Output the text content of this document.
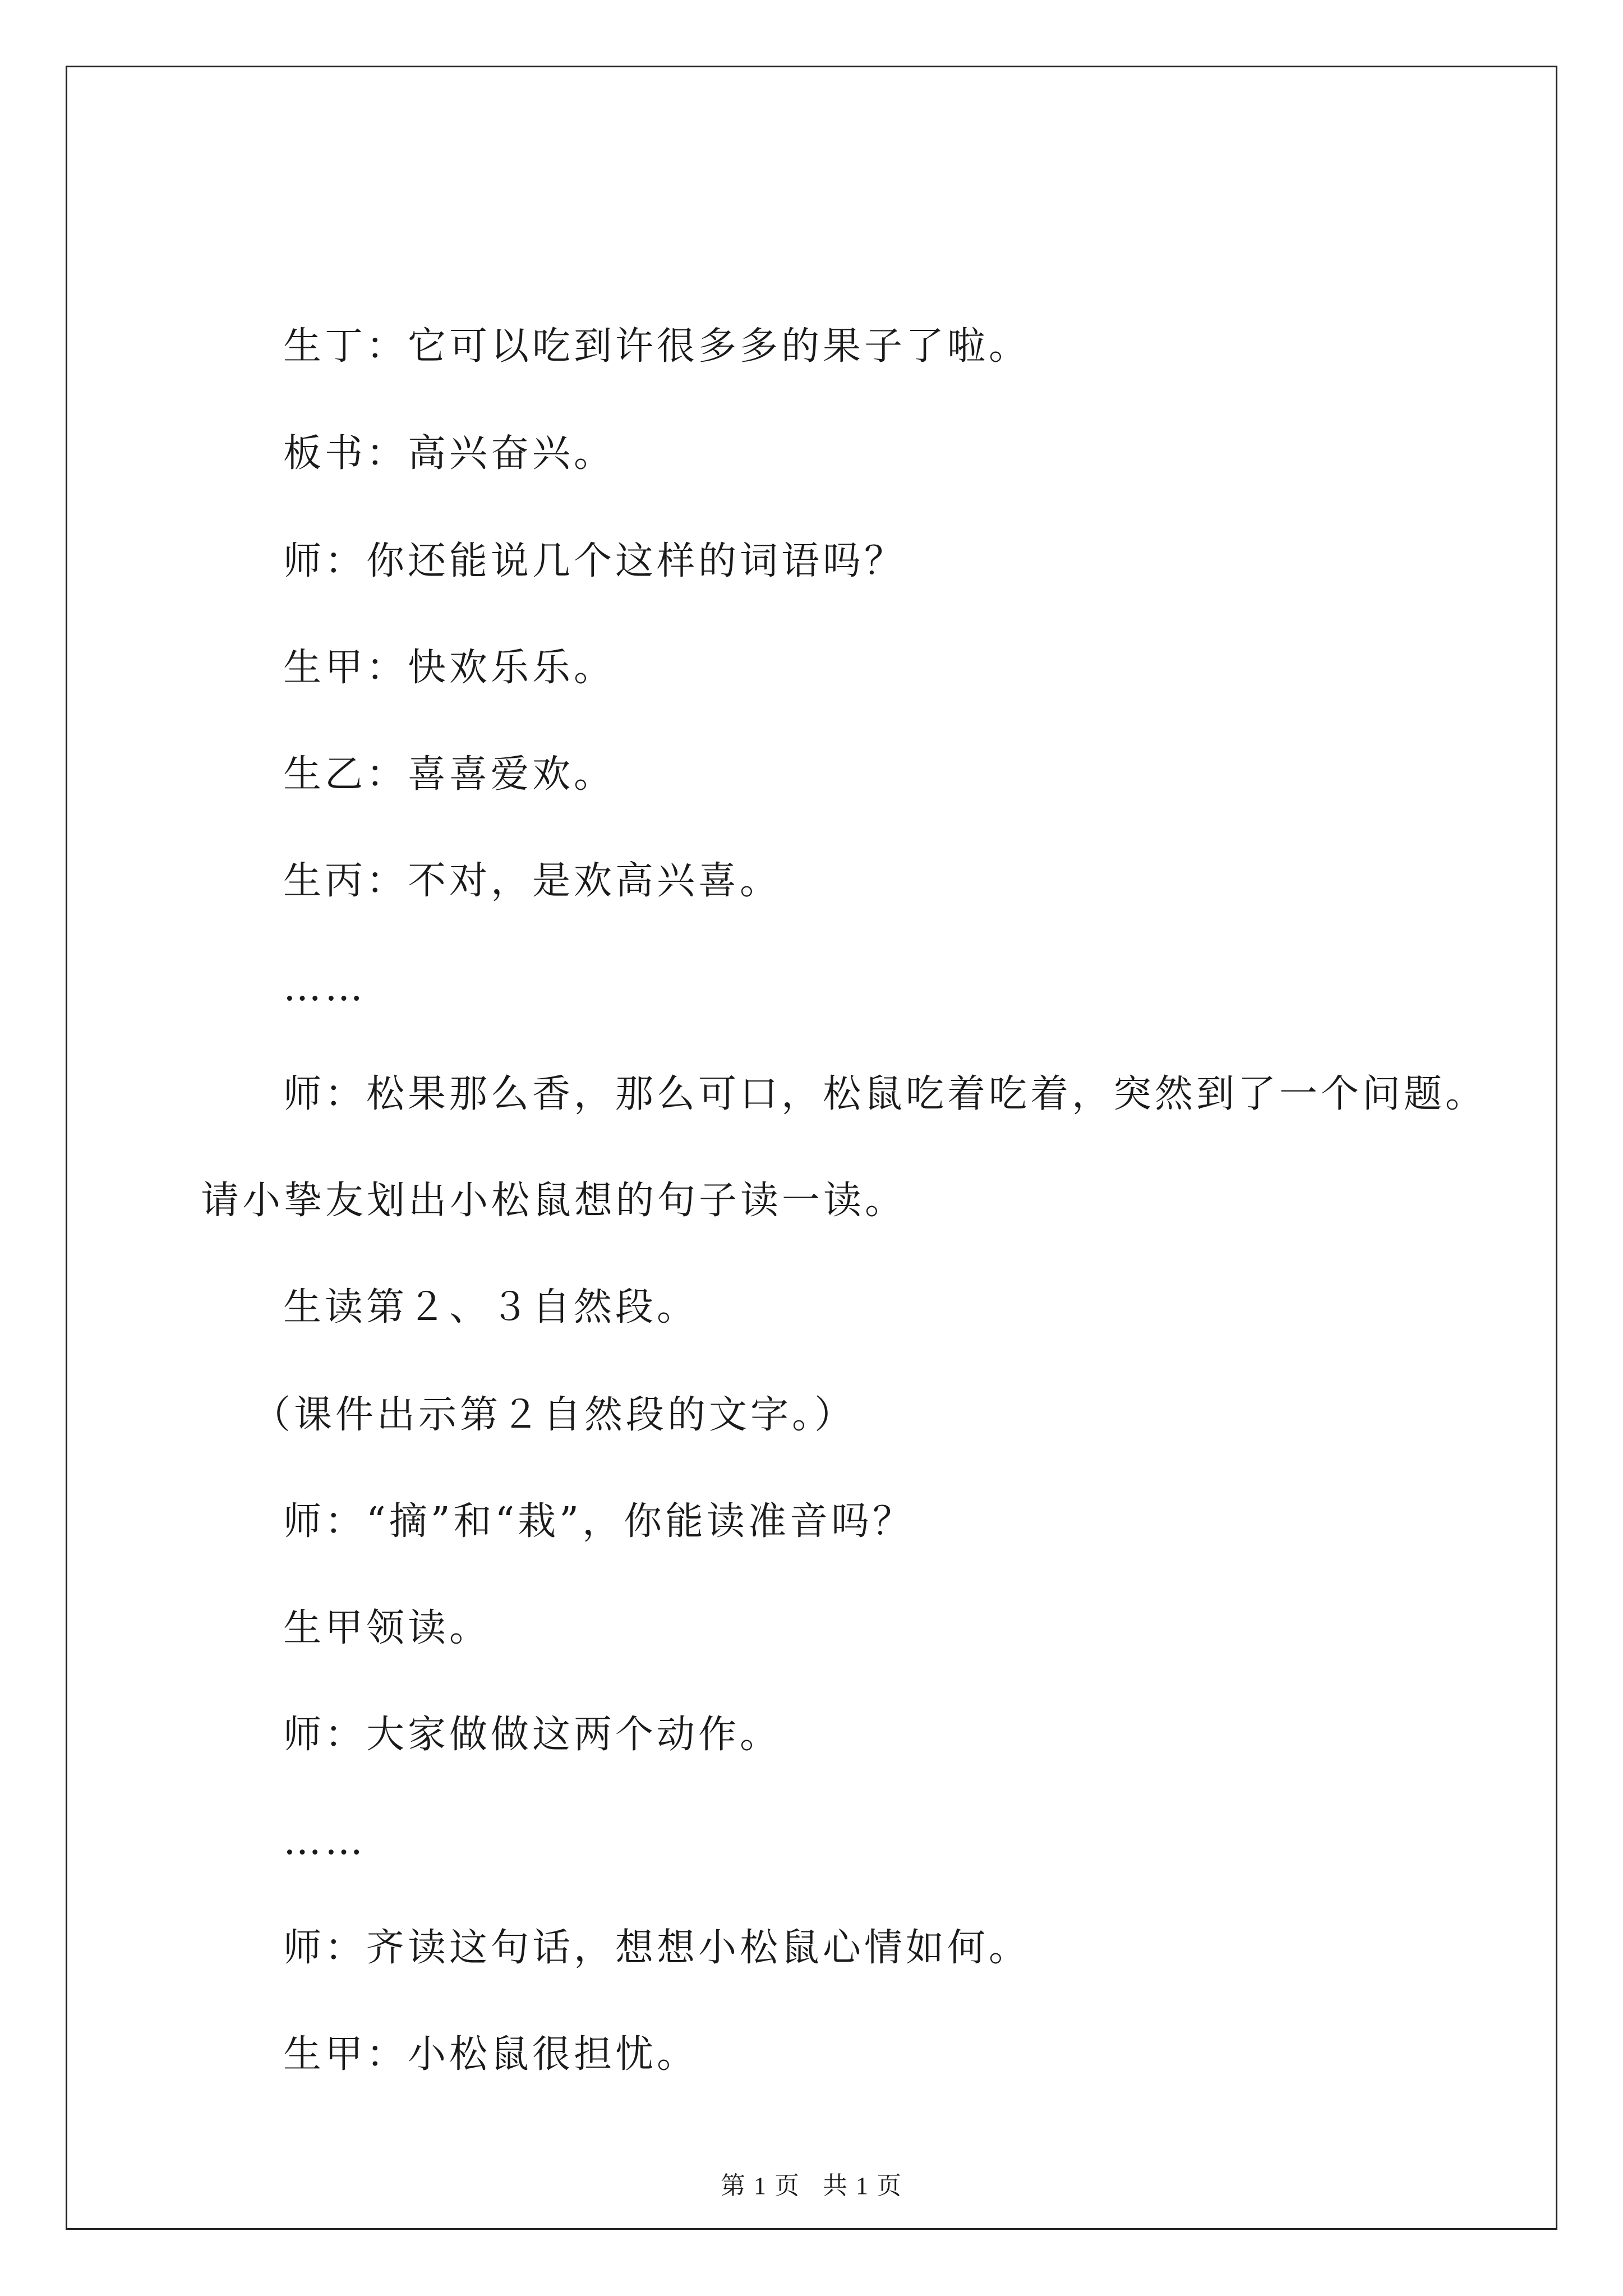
生丁：它可以吃到许很多多的果子了啦。

板书：高兴奋兴。

师：你还能说几个这样的词语吗？

生甲：快欢乐乐。

生乙：喜喜爱欢。

生丙：不对，是欢高兴喜。

……

师：松果那么香，那么可口，松鼠吃着吃着，突然到了一个问题。

请小挚友划出小松鼠想的句子读一读。

生读第２、３自然段。

（课件出示第２自然段的文字。）

师：“摘”和“栽”，你能读准音吗？

生甲领读。

师：大家做做这两个动作。

……

师：齐读这句话，想想小松鼠心情如何。

生甲：小松鼠很担忧。

第 1 页 共 1 页
